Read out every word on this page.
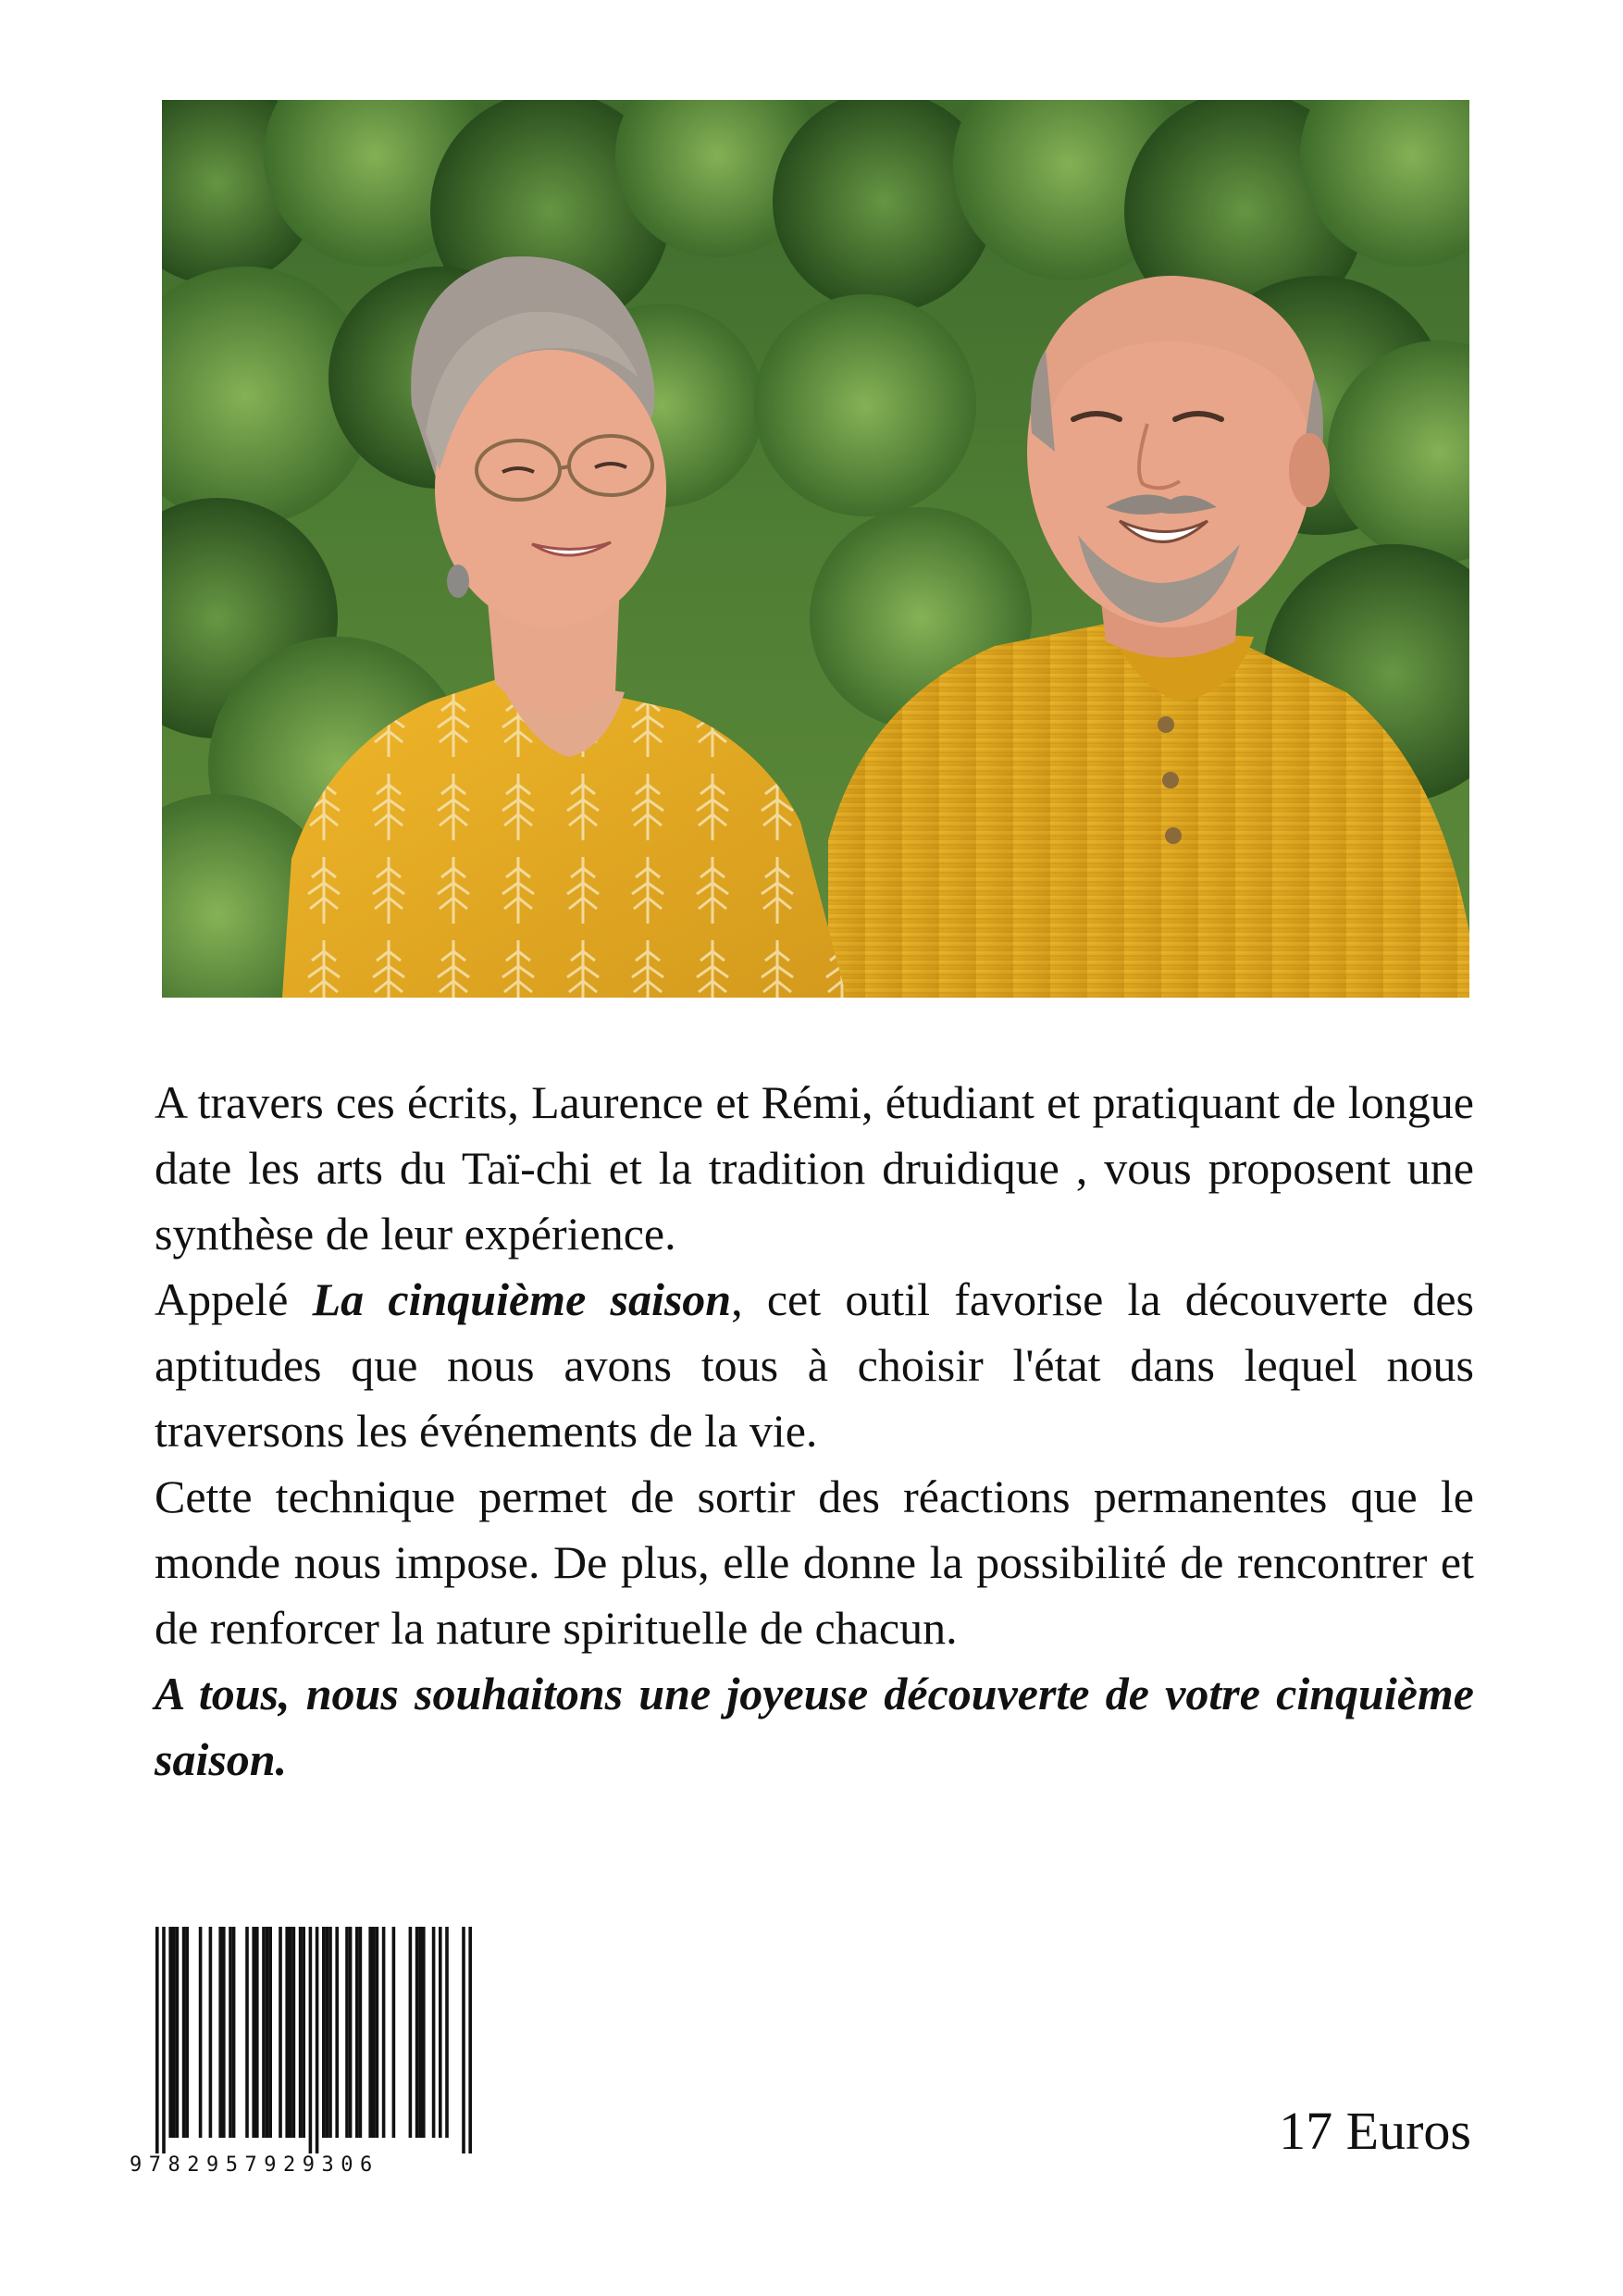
A travers ces écrits, Laurence et Rémi, étudiant et pratiquant de longue date les arts du Taï-chi et la tradition druidique , vous proposent une synthèse de leur expérience.

Appelé La cinquième saison, cet outil favorise la découverte des aptitudes que nous avons tous à choisir l'état dans lequel nous traversons les événements de la vie.

Cette technique permet de sortir des réactions permanentes que le monde nous impose. De plus, elle donne la possibilité de rencontrer et de renforcer la nature spirituelle de chacun.

A tous, nous souhaitons une joyeuse découverte de votre cinquième saison.

9782957929306
17 Euros
